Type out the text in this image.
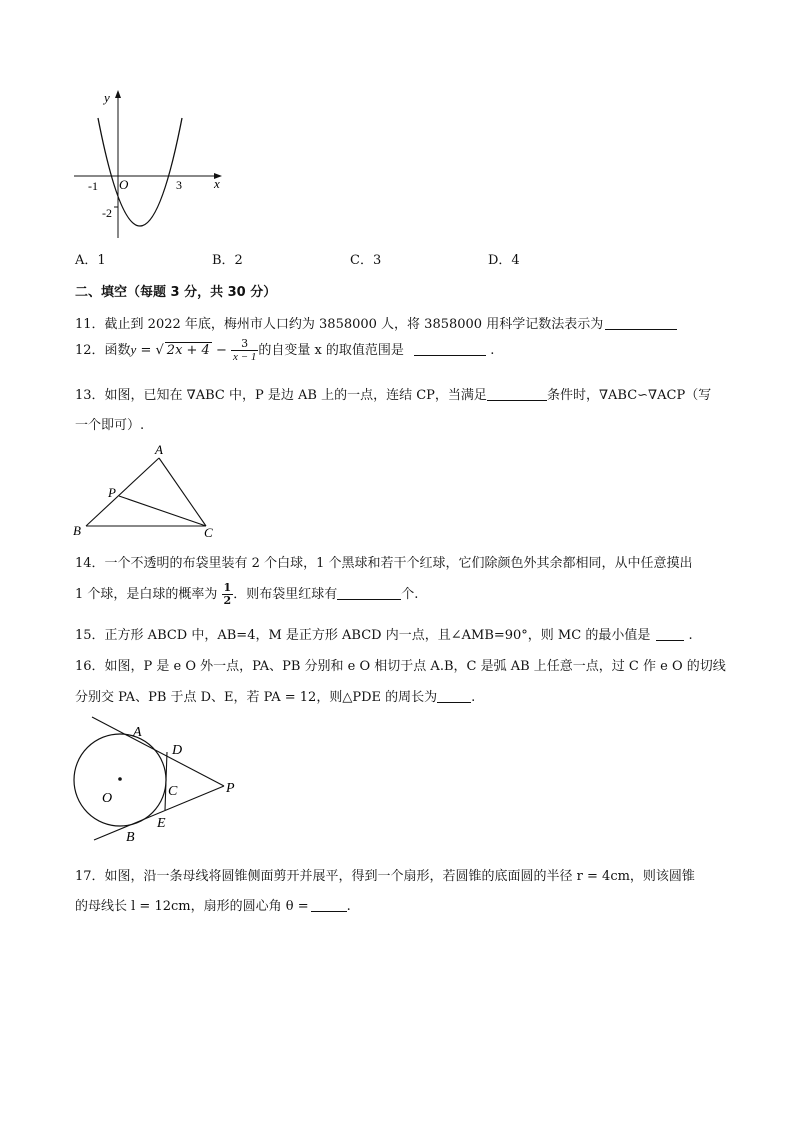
y
x
O
-1	3
-2
A．1	B．2	C．3	D．4
二、填空（每题 3 分，共 30 分）
11．截止到 2022 年底，梅州市人口约为 3858000 人，将 3858000 用科学记数法表示为
12．函数y = √ $2x + 4 - \frac{3}{x - 1}$ 的自变量 x 的取值范围是	.
13．如图，已知在 ∇ABC 中，P 是边 AB 上的一点，连结 CP，当满足	条件时，∇ABC∽∇ACP（写
一个即可）.
A
B	C
P
14．一个不透明的布袋里装有 2 个白球，1 个黑球和若干个红球，它们除颜色外其余都相同，从中任意摸出
1 个球，是白球的概率为 $\frac{1}{2}$ ．则布袋里红球有	个.
15．正方形 ABCD 中，AB=4，M 是正方形 ABCD 内一点，且∠AMB=90°，则 MC 的最小值是	.
16．如图，P 是 e O 外一点，PA、PB 分别和 e O 相切于点 A.B，C 是弧 AB 上任意一点，过 C 作 e O 的切线
分别交 PA、PB 于点 D、E，若 PA = 12，则△PDE 的周长为	.
A
B
C
D
E
O
P
17．如图，沿一条母线将圆锥侧面剪开并展平，得到一个扇形，若圆锥的底面圆的半径 r = 4cm，则该圆锥
的母线长 l = 12cm，扇形的圆心角 θ =	.
